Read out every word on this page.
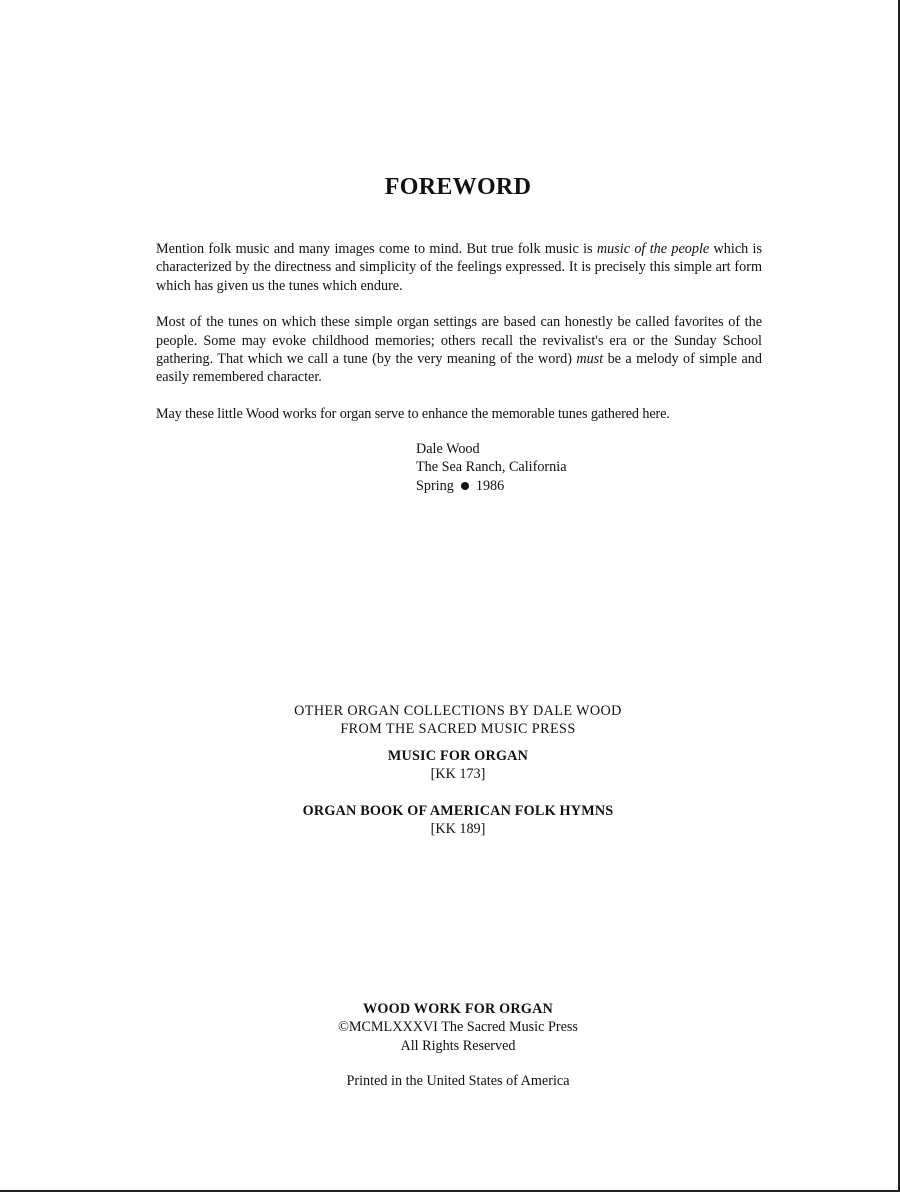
FOREWORD

Mention folk music and many images come to mind. But true folk music is music of the people which is characterized by the directness and simplicity of the feelings expressed. It is precisely this simple art form which has given us the tunes which endure.

Most of the tunes on which these simple organ settings are based can honestly be called favorites of the people. Some may evoke childhood memories; others recall the revivalist's era or the Sunday School gathering. That which we call a tune (by the very meaning of the word) must be a melody of simple and easily remembered character.

May these little Wood works for organ serve to enhance the memorable tunes gathered here.

Dale Wood
The Sea Ranch, California
Spring 1986
OTHER ORGAN COLLECTIONS BY DALE WOOD
FROM THE SACRED MUSIC PRESS
MUSIC FOR ORGAN
[KK 173]
ORGAN BOOK OF AMERICAN FOLK HYMNS
[KK 189]
WOOD WORK FOR ORGAN
©MCMLXXXVI The Sacred Music Press
All Rights Reserved
Printed in the United States of America
